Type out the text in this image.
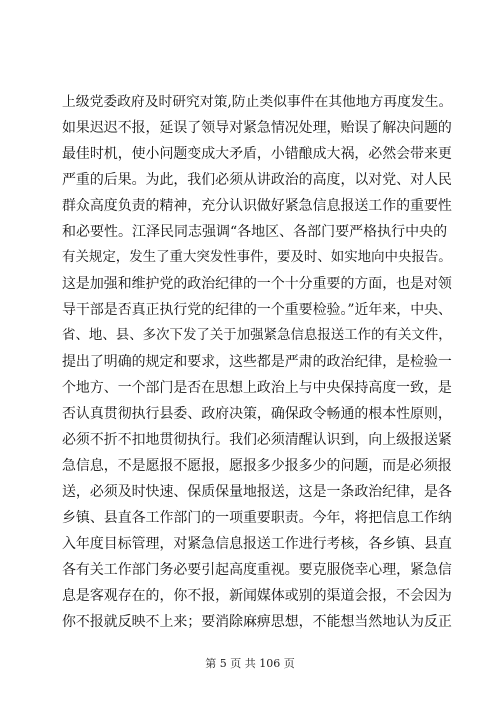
上级党委政府及时研究对策,防止类似事件在其他地方再度发生。
如果迟迟不报，延误了领导对紧急情况处理，贻误了解决问题的
最佳时机，使小问题变成大矛盾，小错酿成大祸，必然会带来更
严重的后果。为此，我们必须从讲政治的高度，以对党、对人民
群众高度负责的精神，充分认识做好紧急信息报送工作的重要性
和必要性。江泽民同志强调“各地区、各部门要严格执行中央的
有关规定，发生了重大突发性事件，要及时、如实地向中央报告。
这是加强和维护党的政治纪律的一个十分重要的方面，也是对领
导干部是否真正执行党的纪律的一个重要检验。”近年来，中央、
省、地、县、多次下发了关于加强紧急信息报送工作的有关文件，
提出了明确的规定和要求，这些都是严肃的政治纪律，是检验一
个地方、一个部门是否在思想上政治上与中央保持高度一致，是
否认真贯彻执行县委、政府决策，确保政令畅通的根本性原则，
必须不折不扣地贯彻执行。我们必须清醒认识到，向上级报送紧
急信息，不是愿报不愿报，愿报多少报多少的问题，而是必须报
送，必须及时快速、保质保量地报送，这是一条政治纪律，是各
乡镇、县直各工作部门的一项重要职责。今年，将把信息工作纳
入年度目标管理，对紧急信息报送工作进行考核，各乡镇、县直
各有关工作部门务必要引起高度重视。要克服侥幸心理，紧急信
息是客观存在的，你不报，新闻媒体或别的渠道会报，不会因为
你不报就反映不上来；要消除麻痹思想，不能想当然地认为反正
第 5 页 共 106 页
